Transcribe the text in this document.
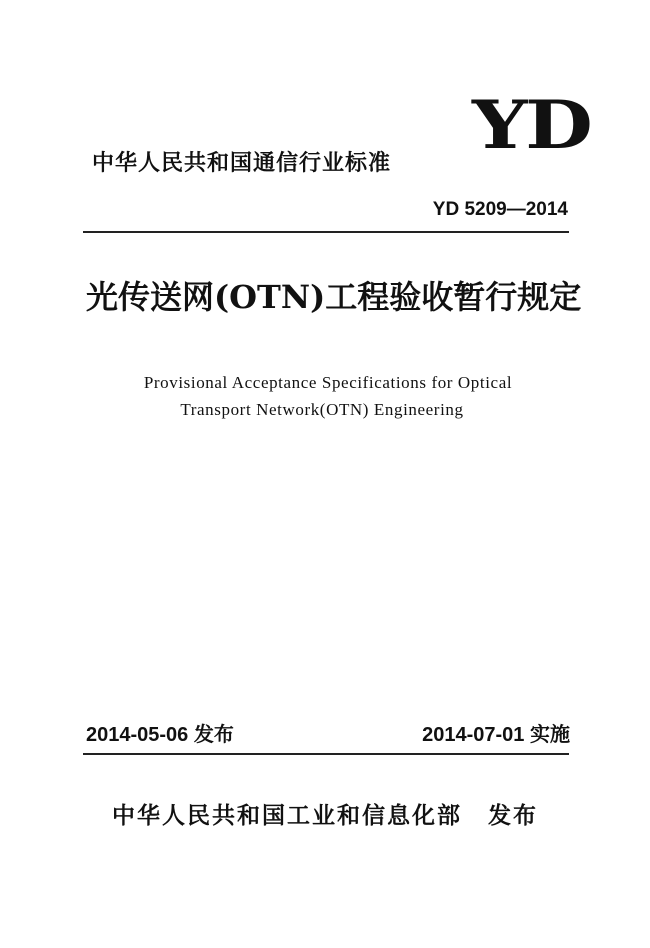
中华人民共和国通信行业标准 YD
YD 5209—2014
光传送网(OTN)工程验收暂行规定
Provisional Acceptance Specifications for Optical
Transport Network(OTN) Engineering
2014-05-06 发布	2014-07-01 实施
中华人民共和国工业和信息化部 发布
